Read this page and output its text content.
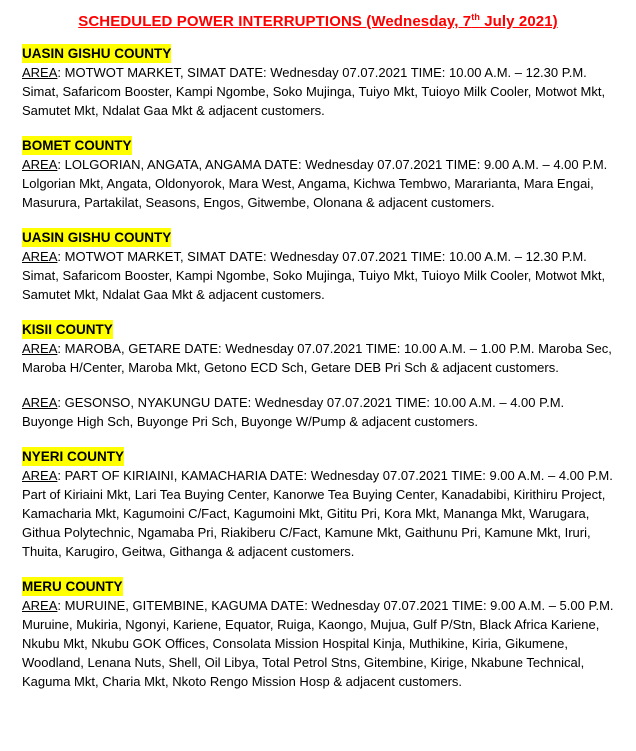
SCHEDULED POWER INTERRUPTIONS (Wednesday, 7th July 2021)
UASIN GISHU COUNTY

AREA: MOTWOT MARKET, SIMAT DATE: Wednesday 07.07.2021 TIME: 10.00 A.M. – 12.30 P.M. Simat, Safaricom Booster, Kampi Ngombe, Soko Mujinga, Tuiyo Mkt, Tuioyo Milk Cooler, Motwot Mkt, Samutet Mkt, Ndalat Gaa Mkt & adjacent customers.

BOMET COUNTY

AREA: LOLGORIAN, ANGATA, ANGAMA DATE: Wednesday 07.07.2021 TIME: 9.00 A.M. – 4.00 P.M. Lolgorian Mkt, Angata, Oldonyorok, Mara West, Angama, Kichwa Tembwo, Mararianta, Mara Engai, Masurura, Partakilat, Seasons, Engos, Gitwembe, Olonana & adjacent customers.

UASIN GISHU COUNTY

AREA: MOTWOT MARKET, SIMAT DATE: Wednesday 07.07.2021 TIME: 10.00 A.M. – 12.30 P.M. Simat, Safaricom Booster, Kampi Ngombe, Soko Mujinga, Tuiyo Mkt, Tuioyo Milk Cooler, Motwot Mkt, Samutet Mkt, Ndalat Gaa Mkt & adjacent customers.

KISII COUNTY

AREA: MAROBA, GETARE DATE: Wednesday 07.07.2021 TIME: 10.00 A.M. – 1.00 P.M. Maroba Sec, Maroba H/Center, Maroba Mkt, Getono ECD Sch, Getare DEB Pri Sch & adjacent customers.

AREA: GESONSO, NYAKUNGU DATE: Wednesday 07.07.2021 TIME: 10.00 A.M. – 4.00 P.M. Buyonge High Sch, Buyonge Pri Sch, Buyonge W/Pump & adjacent customers.

NYERI COUNTY

AREA: PART OF KIRIAINI, KAMACHARIA DATE: Wednesday 07.07.2021 TIME: 9.00 A.M. – 4.00 P.M. Part of Kiriaini Mkt, Lari Tea Buying Center, Kanorwe Tea Buying Center, Kanadabibi, Kirithiru Project, Kamacharia Mkt, Kagumoini C/Fact, Kagumoini Mkt, Gititu Pri, Kora Mkt, Mananga Mkt, Warugara, Githua Polytechnic, Ngamaba Pri, Riakiberu C/Fact, Kamune Mkt, Gaithunu Pri, Kamune Mkt, Iruri, Thuita, Karugiro, Geitwa, Githanga & adjacent customers.

MERU COUNTY

AREA: MURUINE, GITEMBINE, KAGUMA DATE: Wednesday 07.07.2021 TIME: 9.00 A.M. – 5.00 P.M. Muruine, Mukiria, Ngonyi, Kariene, Equator, Ruiga, Kaongo, Mujua, Gulf P/Stn, Black Africa Kariene, Nkubu Mkt, Nkubu GOK Offices, Consolata Mission Hospital Kinja, Muthikine, Kiria, Gikumene, Woodland, Lenana Nuts, Shell, Oil Libya, Total Petrol Stns, Gitembine, Kirige, Nkabune Technical, Kaguma Mkt, Charia Mkt, Nkoto Rengo Mission Hosp & adjacent customers.
